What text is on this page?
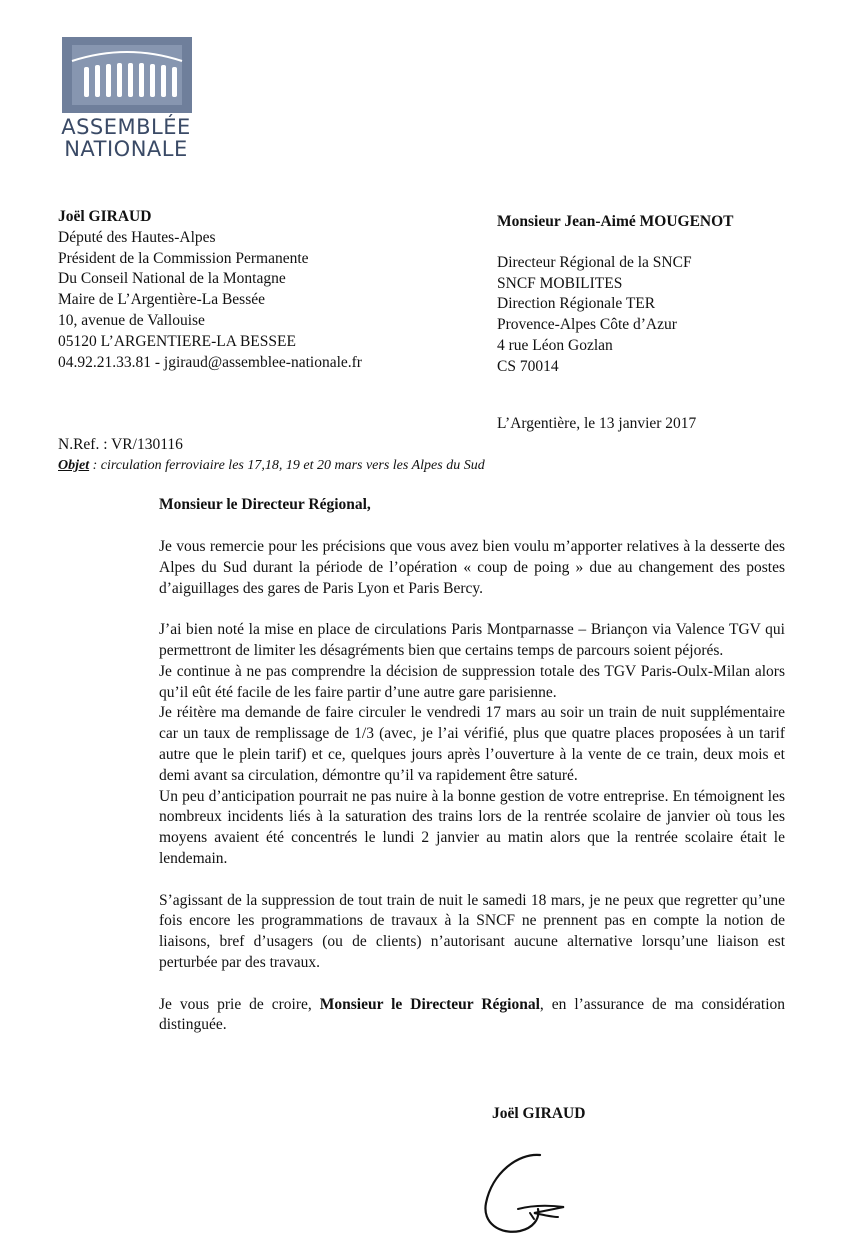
ASSEMBLÉE
NATIONALE
Joël GIRAUD
Député des Hautes-Alpes
Président de la Commission Permanente
Du Conseil National de la Montagne
Maire de L’Argentière-La Bessée
10, avenue de Vallouise
05120 L’ARGENTIERE-LA BESSEE
04.92.21.33.81 - jgiraud@assemblee-nationale.fr
Monsieur Jean-Aimé MOUGENOT
Directeur Régional de la SNCF
SNCF MOBILITES
Direction Régionale TER
Provence-Alpes Côte d’Azur
4 rue Léon Gozlan
CS 70014
L’Argentière, le 13 janvier 2017
N.Ref. : VR/130116
Objet : circulation ferroviaire les 17,18, 19 et 20 mars vers les Alpes du Sud
Monsieur le Directeur Régional,

Je vous remercie pour les précisions que vous avez bien voulu m’apporter relatives à la desserte des Alpes du Sud durant la période de l’opération « coup de poing » due au changement des postes d’aiguillages des gares de Paris Lyon et Paris Bercy.

J’ai bien noté la mise en place de circulations Paris Montparnasse – Briançon via Valence TGV qui permettront de limiter les désagréments bien que certains temps de parcours soient péjorés.

Je continue à ne pas comprendre la décision de suppression totale des TGV Paris-Oulx-Milan alors qu’il eût été facile de les faire partir d’une autre gare parisienne.

Je réitère ma demande de faire circuler le vendredi 17 mars au soir un train de nuit supplémentaire car un taux de remplissage de 1/3 (avec, je l’ai vérifié, plus que quatre places proposées à un tarif autre que le plein tarif) et ce, quelques jours après l’ouverture à la vente de ce train, deux mois et demi avant sa circulation, démontre qu’il va rapidement être saturé.

Un peu d’anticipation pourrait ne pas nuire à la bonne gestion de votre entreprise. En témoignent les nombreux incidents liés à la saturation des trains lors de la rentrée scolaire de janvier où tous les moyens avaient été concentrés le lundi 2 janvier au matin alors que la rentrée scolaire était le lendemain.

S’agissant de la suppression de tout train de nuit le samedi 18 mars, je ne peux que regretter qu’une fois encore les programmations de travaux à la SNCF ne prennent pas en compte la notion de liaisons, bref d’usagers (ou de clients) n’autorisant aucune alternative lorsqu’une liaison est perturbée par des travaux.

Je vous prie de croire, Monsieur le Directeur Régional, en l’assurance de ma considération distinguée.

Joël GIRAUD
